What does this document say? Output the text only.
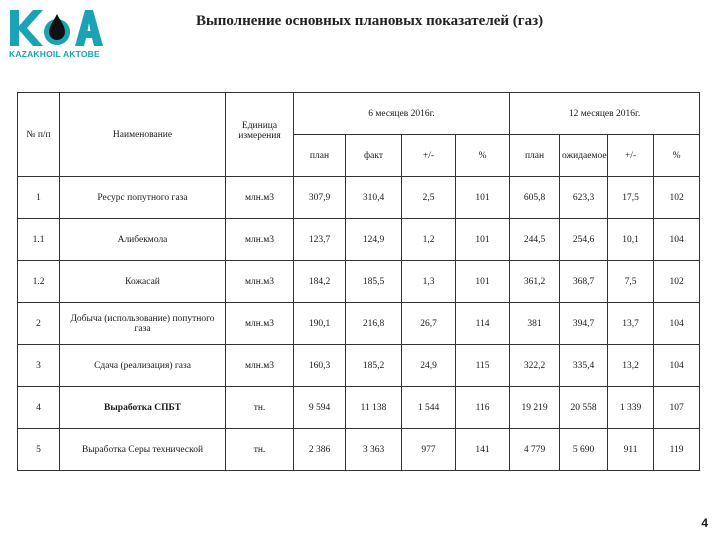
KAZAKHOIL AKTOBE
Выполнение основных плановых показателей (газ)
№ п/п	Наименование	Единица измерения	6 месяцев 2016г.				12 месяцев 2016г.			
			план	факт	+/-	%	план	ожидаемое	+/-	%
1	Ресурс попутного газа	млн.м3	307,9	310,4	2,5	101	605,8	623,3	17,5	102
1.1	Алибекмола	млн.м3	123,7	124,9	1,2	101	244,5	254,6	10,1	104
1.2	Кожасай	млн.м3	184,2	185,5	1,3	101	361,2	368,7	7,5	102
2	Добыча (использование) попутного газа	млн.м3	190,1	216,8	26,7	114	381	394,7	13,7	104
3	Сдача (реализация) газа	млн.м3	160,3	185,2	24,9	115	322,2	335,4	13,2	104
4	Выработка СПБТ	тн.	9 594	11 138	1 544	116	19 219	20 558	1 339	107
5	Выработка Серы технической	тн.	2 386	3 363	977	141	4 779	5 690	911	119
4
